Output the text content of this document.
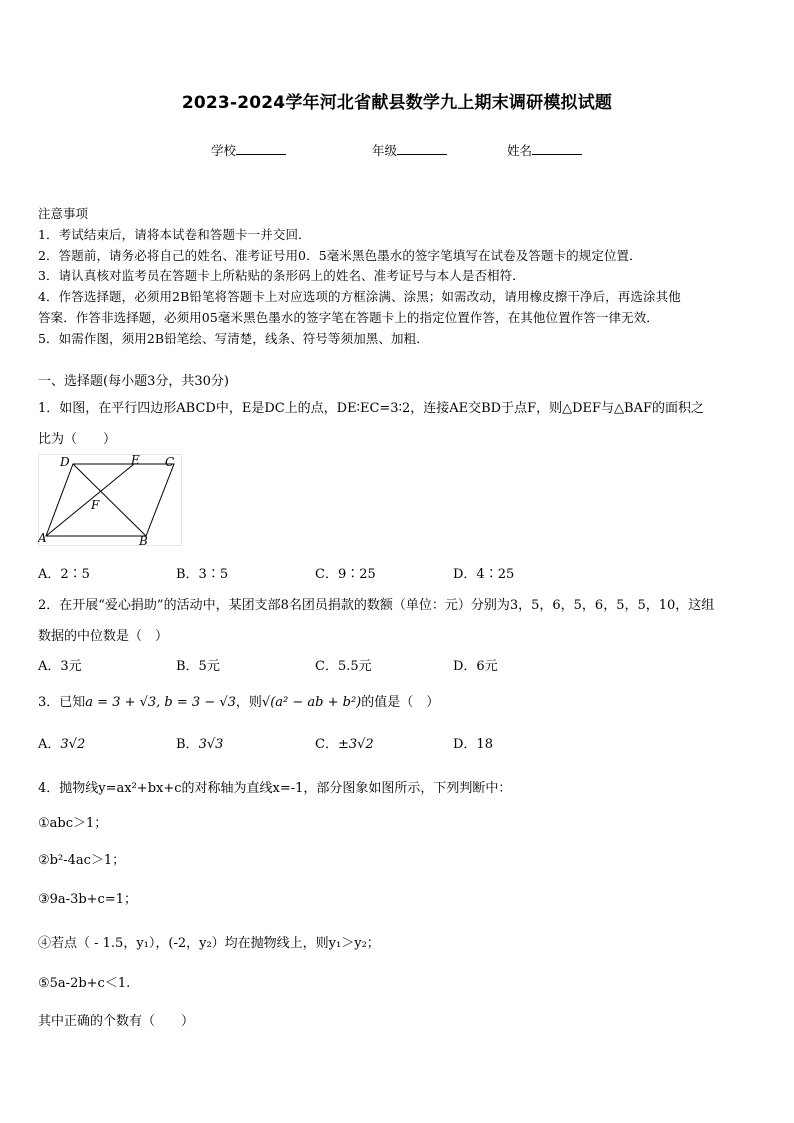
2023-2024学年河北省献县数学九上期末调研模拟试题
学校	年级	姓名
注意事项
1．考试结束后，请将本试卷和答题卡一并交回．
2．答题前，请务必将自己的姓名、准考证号用0．5毫米黑色墨水的签字笔填写在试卷及答题卡的规定位置．
3．请认真核对监考员在答题卡上所粘贴的条形码上的姓名、准考证号与本人是否相符．
4．作答选择题，必须用2B铅笔将答题卡上对应选项的方框涂满、涂黑；如需改动，请用橡皮擦干净后，再选涂其他
答案．作答非选择题，必须用05毫米黑色墨水的签字笔在答题卡上的指定位置作答，在其他位置作答一律无效．
5．如需作图，须用2B铅笔绘、写清楚，线条、符号等须加黑、加粗．
一、选择题(每小题3分，共30分)
1．如图，在平行四边形ABCD中，E是DC上的点，DE∶EC=3∶2，连接AE交BD于点F，则△DEF与△BAF的面积之
比为（　　）
D	E C
F
A	B
A．2∶5	B．3∶5	C．9∶25	D．4∶25
2．在开展“爱心捐助”的活动中，某团支部8名团员捐款的数额（单位：元）分别为3，5，6，5，6，5，5，10，这组
数据的中位数是（　）
A．3元	B．5元	C．5.5元	D．6元
3．已知a = 3 + √3, b = 3 − √3，则√(a² − ab + b²)的值是（　）
A．3√2	B．3√3	C．±3√2	D．18
4．抛物线y=ax²+bx+c的对称轴为直线x=-1，部分图象如图所示，下列判断中：
①abc＞1；
②b²-4ac＞1；
③9a-3b+c=1；
④若点（ - 1.5，y₁），(-2，y₂）均在抛物线上，则y₁＞y₂；
⑤5a-2b+c＜1.
其中正确的个数有（　　）
